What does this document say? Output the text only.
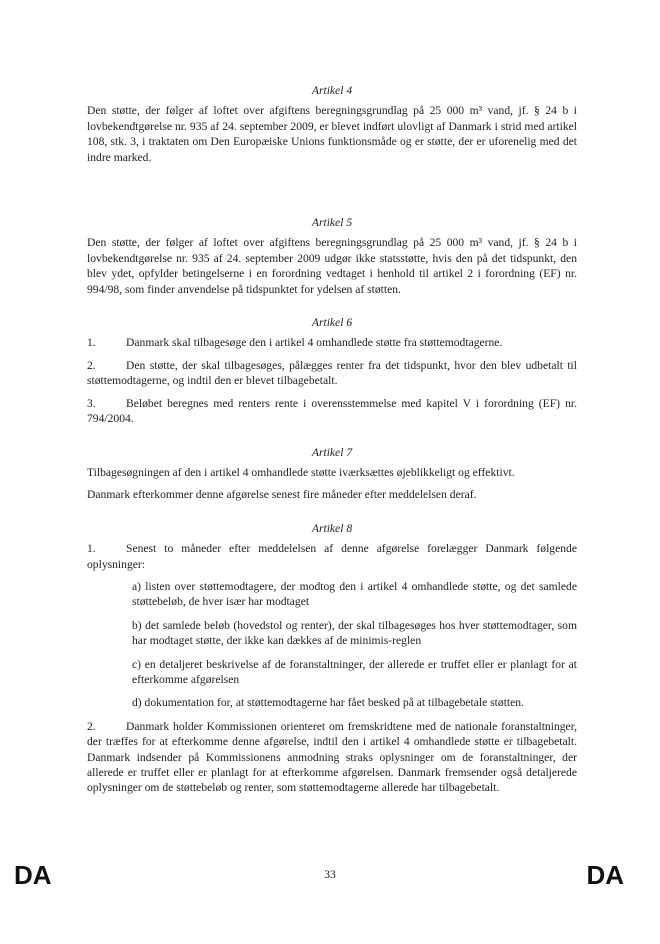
Artikel 4

Den støtte, der følger af loftet over afgiftens beregningsgrundlag på 25 000 m³ vand, jf. § 24 b i lovbekendtgørelse nr. 935 af 24. september 2009, er blevet indført ulovligt af Danmark i strid med artikel 108, stk. 3, i traktaten om Den Europæiske Unions funktionsmåde og er støtte, der er uforenelig med det indre marked.

Artikel 5

Den støtte, der følger af loftet over afgiftens beregningsgrundlag på 25 000 m³ vand, jf. § 24 b i lovbekendtgørelse nr. 935 af 24. september 2009 udgør ikke statsstøtte, hvis den på det tidspunkt, den blev ydet, opfylder betingelserne i en forordning vedtaget i henhold til artikel 2 i forordning (EF) nr. 994/98, som finder anvendelse på tidspunktet for ydelsen af støtten.

Artikel 6

1.	Danmark skal tilbagesøge den i artikel 4 omhandlede støtte fra støttemodtagerne.

2.	Den støtte, der skal tilbagesøges, pålægges renter fra det tidspunkt, hvor den blev udbetalt til støttemodtagerne, og indtil den er blevet tilbagebetalt.

3.	Beløbet beregnes med renters rente i overensstemmelse med kapitel V i forordning (EF) nr. 794/2004.

Artikel 7

Tilbagesøgningen af den i artikel 4 omhandlede støtte iværksættes øjeblikkeligt og effektivt.

Danmark efterkommer denne afgørelse senest fire måneder efter meddelelsen deraf.

Artikel 8

1.	Senest to måneder efter meddelelsen af denne afgørelse forelægger Danmark følgende oplysninger:

a) listen over støttemodtagere, der modtog den i artikel 4 omhandlede støtte, og det samlede støttebeløb, de hver især har modtaget

b) det samlede beløb (hovedstol og renter), der skal tilbagesøges hos hver støttemodtager, som har modtaget støtte, der ikke kan dækkes af de minimis-reglen

c) en detaljeret beskrivelse af de foranstaltninger, der allerede er truffet eller er planlagt for at efterkomme afgørelsen

d) dokumentation for, at støttemodtagerne har fået besked på at tilbagebetale støtten.

2.	Danmark holder Kommissionen orienteret om fremskridtene med de nationale foranstaltninger, der træffes for at efterkomme denne afgørelse, indtil den i artikel 4 omhandlede støtte er tilbagebetalt. Danmark indsender på Kommissionens anmodning straks oplysninger om de foranstaltninger, der allerede er truffet eller er planlagt for at efterkomme afgørelsen. Danmark fremsender også detaljerede oplysninger om de støttebeløb og renter, som støttemodtagerne allerede har tilbagebetalt.

DA	33	DA
